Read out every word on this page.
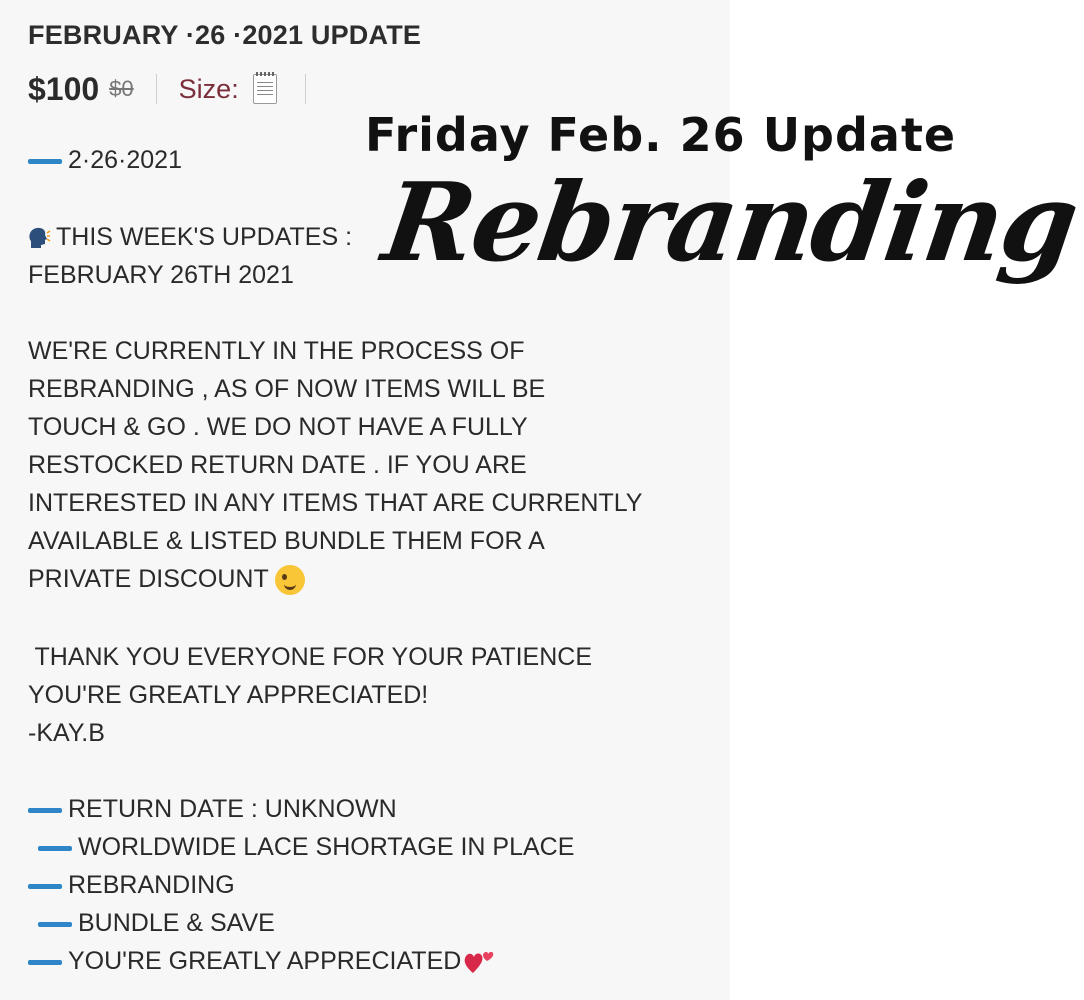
FEBRUARY ·26 ·2021 UPDATE
$100 $0 Size:
2·26·2021
THIS WEEK'S UPDATES :
FEBRUARY 26TH 2021
WE'RE CURRENTLY IN THE PROCESS OF
REBRANDING , AS OF NOW ITEMS WILL BE
TOUCH & GO . WE DO NOT HAVE A FULLY
RESTOCKED RETURN DATE . IF YOU ARE
INTERESTED IN ANY ITEMS THAT ARE CURRENTLY
AVAILABLE & LISTED BUNDLE THEM FOR A
PRIVATE DISCOUNT
THANK YOU EVERYONE FOR YOUR PATIENCE
YOU'RE GREATLY APPRECIATED!
-KAY.B
RETURN DATE : UNKNOWN
WORLDWIDE LACE SHORTAGE IN PLACE
REBRANDING
BUNDLE & SAVE
YOU'RE GREATLY APPRECIATED
Friday Feb. 26 Update
Rebranding
